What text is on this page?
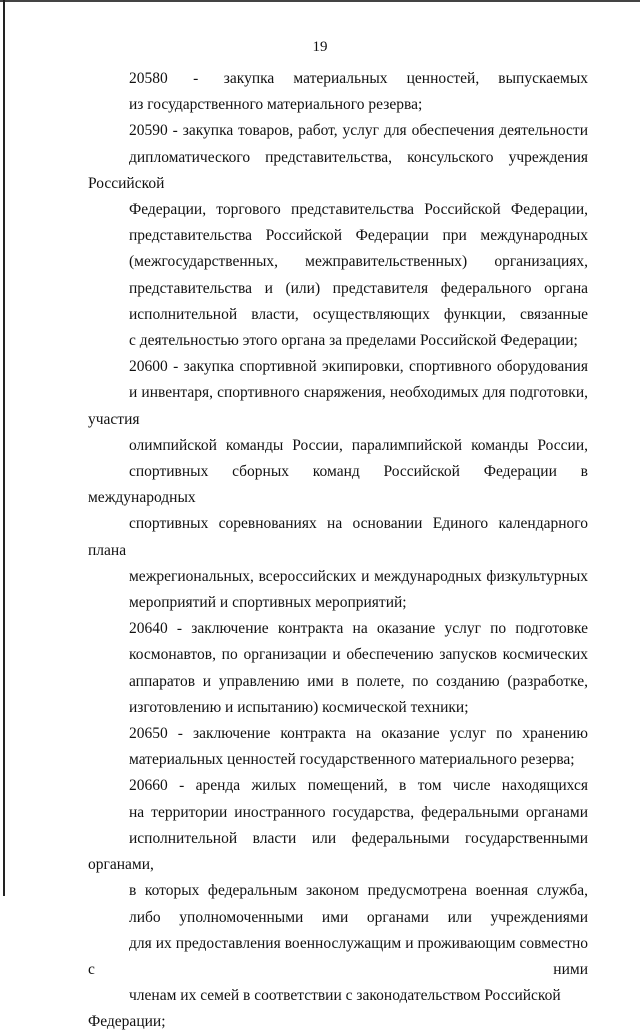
19

20580    -    закупка   материальных   ценностей,   выпускаемых
из государственного материального резерва;

20590 - закупка товаров, работ, услуг для обеспечения деятельности
дипломатического представительства, консульского учреждения Российской
Федерации, торгового представительства Российской Федерации,
представительства Российской Федерации при международных
(межгосударственных, межправительственных) организациях,
представительства и (или) представителя федерального органа
исполнительной власти, осуществляющих функции, связанные
с деятельностью этого органа за пределами Российской Федерации;

20600 - закупка спортивной экипировки, спортивного оборудования
и инвентаря, спортивного снаряжения, необходимых для подготовки, участия
олимпийской команды России, паралимпийской команды России,
спортивных сборных команд Российской Федерации в международных
спортивных соревнованиях на основании Единого календарного плана
межрегиональных, всероссийских и международных физкультурных
мероприятий и спортивных мероприятий;

20640 - заключение контракта на оказание услуг по подготовке
космонавтов, по организации и обеспечению запусков космических
аппаратов и управлению ими в полете, по созданию (разработке,
изготовлению и испытанию) космической техники;

20650 - заключение контракта на оказание услуг по хранению
материальных ценностей государственного материального резерва;

20660 - аренда жилых помещений, в том числе находящихся
на территории иностранного государства, федеральными органами
исполнительной власти или федеральными государственными органами,
в которых федеральным законом предусмотрена военная служба,
либо уполномоченными ими органами или учреждениями
для их предоставления военнослужащим и проживающим совместно с ними
членам их семей в соответствии с законодательством Российской Федерации;
